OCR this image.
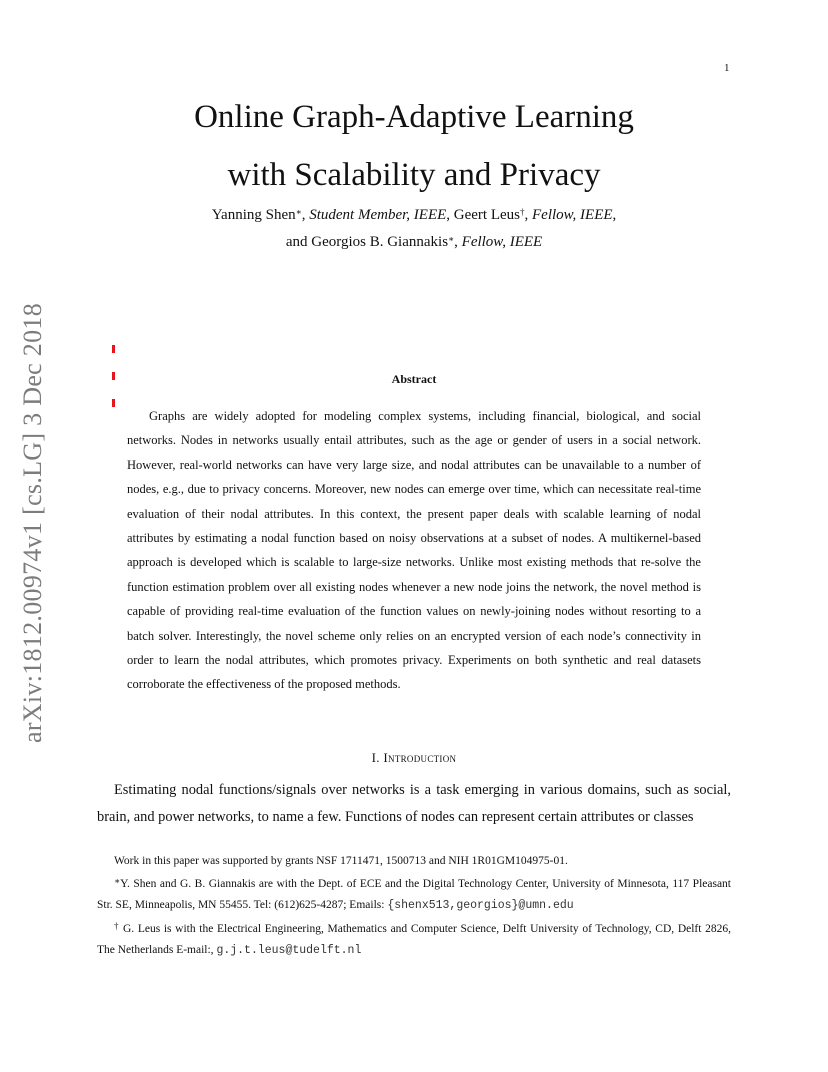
1
arXiv:1812.00974v1 [cs.LG] 3 Dec 2018
Online Graph-Adaptive Learning
with Scalability and Privacy
Yanning Shen∗, Student Member, IEEE, Geert Leus†, Fellow, IEEE,
and Georgios B. Giannakis∗, Fellow, IEEE
Abstract
Graphs are widely adopted for modeling complex systems, including financial, biological, and social networks. Nodes in networks usually entail attributes, such as the age or gender of users in a social network. However, real-world networks can have very large size, and nodal attributes can be unavailable to a number of nodes, e.g., due to privacy concerns. Moreover, new nodes can emerge over time, which can necessitate real-time evaluation of their nodal attributes. In this context, the present paper deals with scalable learning of nodal attributes by estimating a nodal function based on noisy observations at a subset of nodes. A multikernel-based approach is developed which is scalable to large-size networks. Unlike most existing methods that re-solve the function estimation problem over all existing nodes whenever a new node joins the network, the novel method is capable of providing real-time evaluation of the function values on newly-joining nodes without resorting to a batch solver. Interestingly, the novel scheme only relies on an encrypted version of each node’s connectivity in order to learn the nodal attributes, which promotes privacy. Experiments on both synthetic and real datasets corroborate the effectiveness of the proposed methods.
I. Introduction
Estimating nodal functions/signals over networks is a task emerging in various domains, such as social, brain, and power networks, to name a few. Functions of nodes can represent certain attributes or classes
Work in this paper was supported by grants NSF 1711471, 1500713 and NIH 1R01GM104975-01.
∗Y. Shen and G. B. Giannakis are with the Dept. of ECE and the Digital Technology Center, University of Minnesota, 117 Pleasant Str. SE, Minneapolis, MN 55455. Tel: (612)625-4287; Emails: {shenx513,georgios}@umn.edu
† G. Leus is with the Electrical Engineering, Mathematics and Computer Science, Delft University of Technology, CD, Delft 2826, The Netherlands E-mail:, g.j.t.leus@tudelft.nl
